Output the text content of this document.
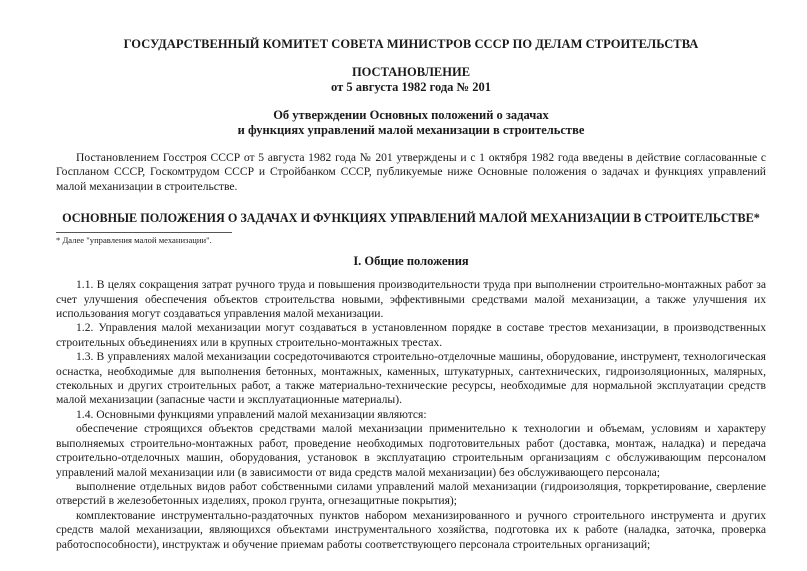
ГОСУДАРСТВЕННЫЙ КОМИТЕТ СОВЕТА МИНИСТРОВ СССР ПО ДЕЛАМ СТРОИТЕЛЬСТВА

ПОСТАНОВЛЕНИЕ
от 5 августа 1982 года № 201
Об утверждении Основных положений о задачах
и функциях управлений малой механизации в строительстве

Постановлением Госстроя СССР от 5 августа 1982 года № 201 утверждены и с 1 октября 1982 года введены в действие согласованные с Госпланом СССР, Госкомтрудом СССР и Стройбанком СССР, публикуемые ниже Основные положения о задачах и функциях управлений малой механизации в строительстве.

ОСНОВНЫЕ ПОЛОЖЕНИЯ О ЗАДАЧАХ И ФУНКЦИЯХ УПРАВЛЕНИЙ МАЛОЙ МЕХАНИЗАЦИИ В СТРОИТЕЛЬСТВЕ*
* Далее "управления малой механизации".
I. Общие положения

1.1. В целях сокращения затрат ручного труда и повышения производительности труда при выполнении строительно-монтажных работ за счет улучшения обеспечения объектов строительства новыми, эффективными средствами малой механизации, а также улучшения их использования могут создаваться управления малой механизации.

1.2. Управления малой механизации могут создаваться в установленном порядке в составе трестов механизации, в производственных строительных объединениях или в крупных строительно-монтажных трестах.

1.3. В управлениях малой механизации сосредоточиваются строительно-отделочные машины, оборудование, инструмент, технологическая оснастка, необходимые для выполнения бетонных, монтажных, каменных, штукатурных, сантехнических, гидроизоляционных, малярных, стекольных и других строительных работ, а также материально-технические ресурсы, необходимые для нормальной эксплуатации средств малой механизации (запасные части и эксплуатационные материалы).

1.4. Основными функциями управлений малой механизации являются:

обеспечение строящихся объектов средствами малой механизации применительно к технологии и объемам, условиям и характеру выполняемых строительно-монтажных работ, проведение необходимых подготовительных работ (доставка, монтаж, наладка) и передача строительно-отделочных машин, оборудования, установок в эксплуатацию строительным организациям с обслуживающим персоналом управлений малой механизации или (в зависимости от вида средств малой механизации) без обслуживающего персонала;

выполнение отдельных видов работ собственными силами управлений малой механизации (гидроизоляция, торкретирование, сверление отверстий в железобетонных изделиях, прокол грунта, огнезащитные покрытия);

комплектование инструментально-раздаточных пунктов набором механизированного и ручного строительного инструмента и других средств малой механизации, являющихся объектами инструментального хозяйства, подготовка их к работе (наладка, заточка, проверка работоспособности), инструктаж и обучение приемам работы соответствующего персонала строительных организаций;
